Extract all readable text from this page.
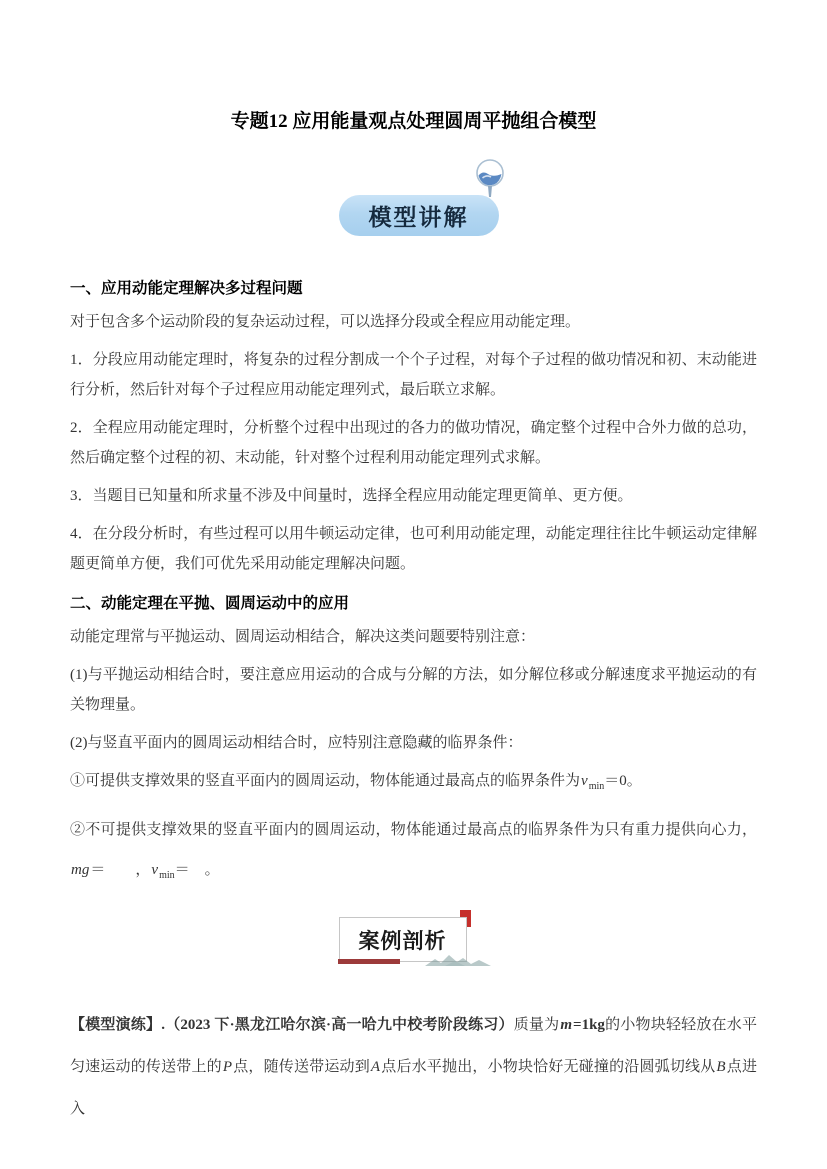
专题12 应用能量观点处理圆周平抛组合模型
模型讲解
一、应用动能定理解决多过程问题

对于包含多个运动阶段的复杂运动过程，可以选择分段或全程应用动能定理。

1．分段应用动能定理时，将复杂的过程分割成一个个子过程，对每个子过程的做功情况和初、末动能进行分析，然后针对每个子过程应用动能定理列式，最后联立求解。

2．全程应用动能定理时，分析整个过程中出现过的各力的做功情况，确定整个过程中合外力做的总功，然后确定整个过程的初、末动能，针对整个过程利用动能定理列式求解。

3．当题目已知量和所求量不涉及中间量时，选择全程应用动能定理更简单、更方便。

4．在分段分析时，有些过程可以用牛顿运动定律，也可利用动能定理，动能定理往往比牛顿运动定律解题更简单方便，我们可优先采用动能定理解决问题。

二、动能定理在平抛、圆周运动中的应用

动能定理常与平抛运动、圆周运动相结合，解决这类问题要特别注意：

(1)与平抛运动相结合时，要注意应用运动的合成与分解的方法，如分解位移或分解速度求平抛运动的有关物理量。

(2)与竖直平面内的圆周运动相结合时，应特别注意隐藏的临界条件：

①可提供支撑效果的竖直平面内的圆周运动，物体能通过最高点的临界条件为$v_{min}=0$。

②不可提供支撑效果的竖直平面内的圆周运动，物体能通过最高点的临界条件为只有重力提供向心力，mg＝　　 ，$v_{min}=$　 。

案例剖析

【模型演练】.（2023 下·黑龙江哈尔滨·高一哈九中校考阶段练习）质量为m=1kg的小物块轻轻放在水平匀速运动的传送带上的P点，随传送带运动到A点后水平抛出，小物块恰好无碰撞的沿圆弧切线从B点进入
